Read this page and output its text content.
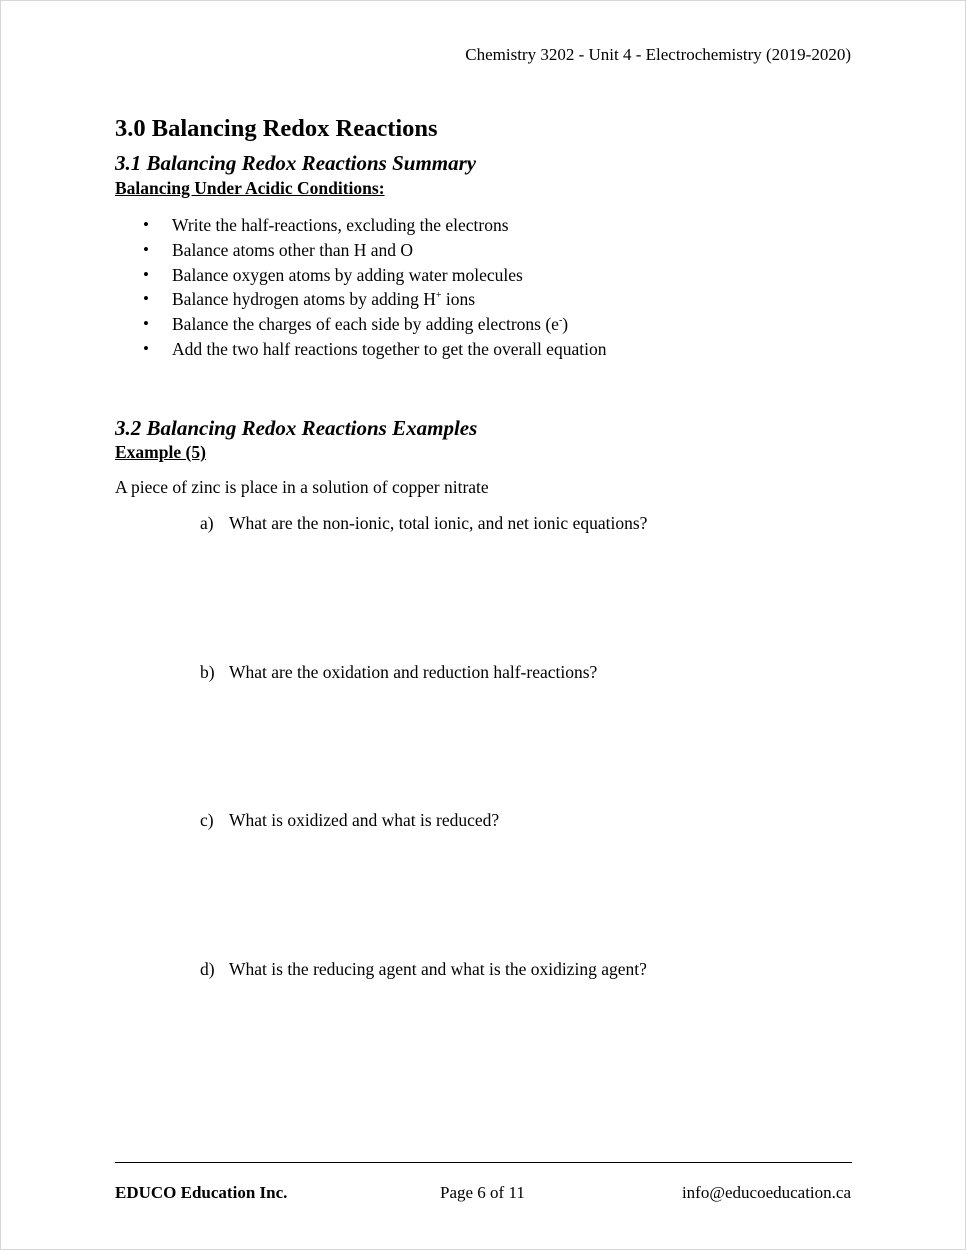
Chemistry 3202 - Unit 4 - Electrochemistry (2019-2020)
3.0 Balancing Redox Reactions
3.1 Balancing Redox Reactions Summary
Balancing Under Acidic Conditions:
• Write the half-reactions, excluding the electrons
• Balance atoms other than H and O
• Balance oxygen atoms by adding water molecules
• Balance hydrogen atoms by adding H+ ions
• Balance the charges of each side by adding electrons (e-)
• Add the two half reactions together to get the overall equation
3.2 Balancing Redox Reactions Examples
Example (5)
A piece of zinc is place in a solution of copper nitrate
a) What are the non-ionic, total ionic, and net ionic equations?
b) What are the oxidation and reduction half-reactions?
c) What is oxidized and what is reduced?
d) What is the reducing agent and what is the oxidizing agent?
EDUCO Education Inc.	Page 6 of 11	info@educoeducation.ca
